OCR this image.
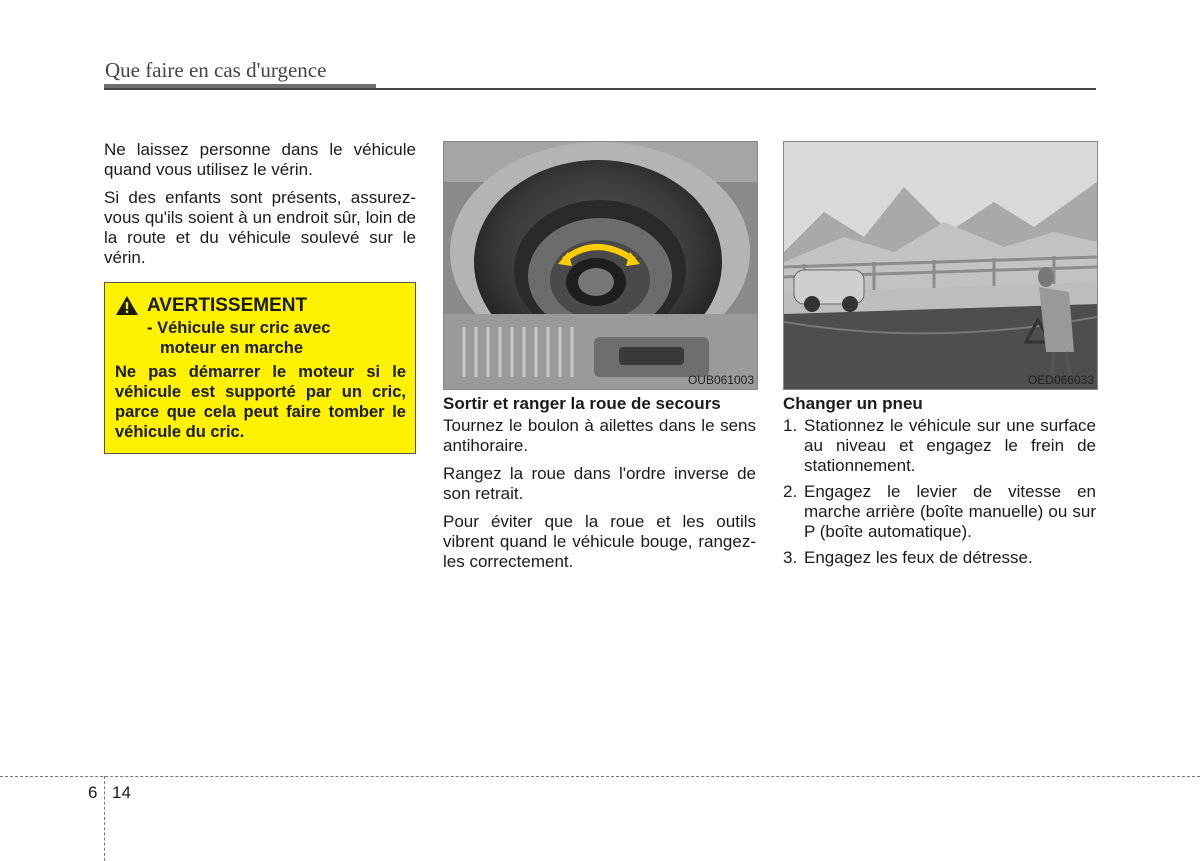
Que faire en cas d'urgence

Ne laissez personne dans le véhicule quand vous utilisez le vérin.

Si des enfants sont présents, assurez-vous qu'ils soient à un endroit sûr, loin de la route et du véhicule soulevé sur le vérin.

AVERTISSEMENT
- Véhicule sur cric avec
moteur en marche
Ne pas démarrer le moteur si le véhicule est supporté par un cric, parce que cela peut faire tomber le véhicule du cric.
OUB061003	OED066033
Sortir et ranger la roue de secours

Tournez le boulon à ailettes dans le sens antihoraire.

Rangez la roue dans l'ordre inverse de son retrait.

Pour éviter que la roue et les outils vibrent quand le véhicule bouge, rangez-les correctement.

Changer un pneu
1. Stationnez le véhicule sur une surface au niveau et engagez le frein de stationnement.
2. Engagez le levier de vitesse en marche arrière (boîte manuelle) ou sur P (boîte automatique).
3. Engagez les feux de détresse.
6 14
